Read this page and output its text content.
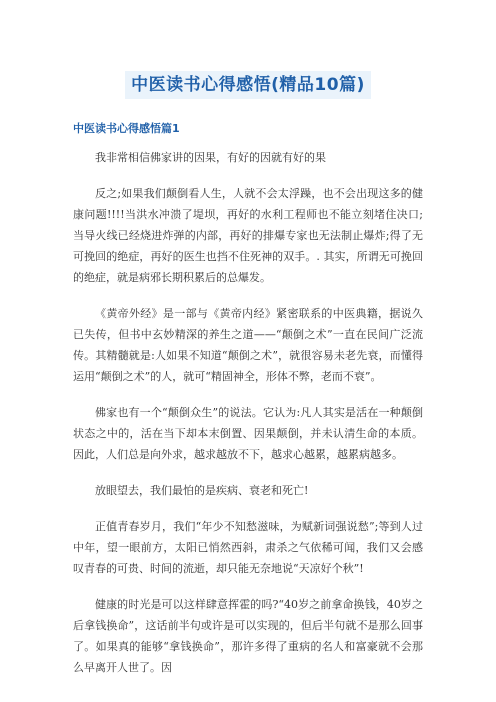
中医读书心得感悟(精品10篇)
中医读书心得感悟篇1

我非常相信佛家讲的因果，有好的因就有好的果

反之;如果我们颠倒看人生，人就不会太浮躁，也不会出现这多的健康问题!!!!当洪水冲溃了堤坝，再好的水利工程师也不能立刻堵住决口;当导火线已经烧进炸弹的内部，再好的排爆专家也无法制止爆炸;得了无可挽回的绝症，再好的医生也挡不住死神的双手。. 其实，所谓无可挽回的绝症，就是病邪长期积累后的总爆发。

《黄帝外经》是一部与《黄帝内经》紧密联系的中医典籍，据说久已失传，但书中玄妙精深的养生之道——“颠倒之术”一直在民间广泛流传。其精髓就是:人如果不知道“颠倒之术”，就很容易未老先衰，而懂得运用“颠倒之术”的人，就可“精固神全，形体不弊，老而不衰”。

佛家也有一个“颠倒众生”的说法。它认为:凡人其实是活在一种颠倒状态之中的，活在当下却本末倒置、因果颠倒，并未认清生命的本质。因此，人们总是向外求，越求越放不下，越求心越累，越累病越多。

放眼望去，我们最怕的是疾病、衰老和死亡!

正值青春岁月，我们“年少不知愁滋味，为赋新词强说愁”;等到人过中年，望一眼前方，太阳已悄然西斜，肃杀之气依稀可闻，我们又会感叹青春的可贵、时间的流逝，却只能无奈地说“天凉好个秋”!

健康的时光是可以这样肆意挥霍的吗?“40岁之前拿命换钱，40岁之后拿钱换命”，这话前半句或许是可以实现的，但后半句就不是那么回事了。如果真的能够“拿钱换命”，那许多得了重病的名人和富豪就不会那么早离开人世了。因
